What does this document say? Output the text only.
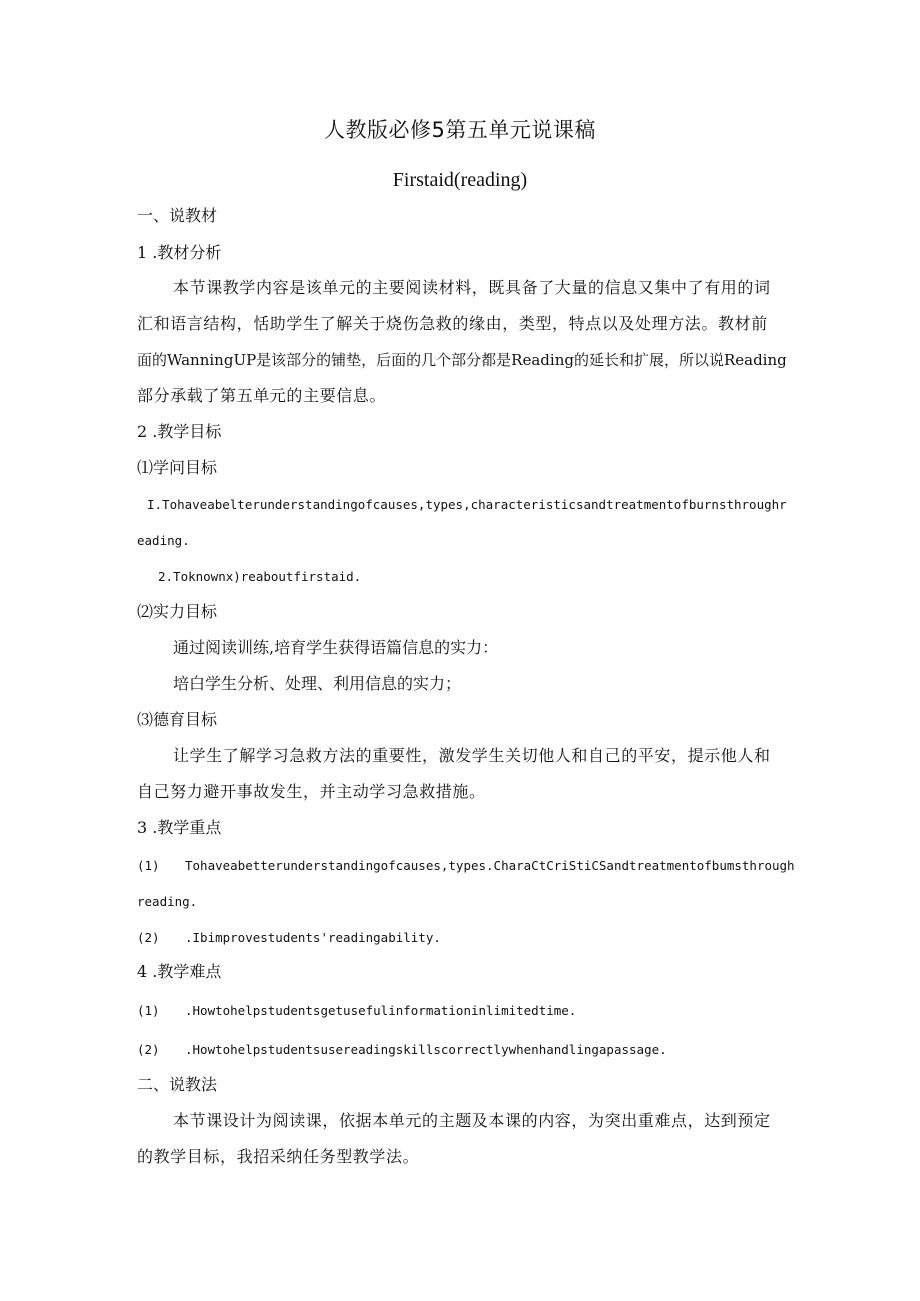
人教版必修5第五单元说课稿
Firstaid(reading)
一、说教材
1 .教材分析
本节课教学内容是该单元的主要阅读材料，既具备了大量的信息又集中了有用的词
汇和语言结构，恬助学生了解关于烧伤急救的缘由，类型，特点以及处理方法。教材前
面的WanningUP是该部分的铺垫，后面的几个部分都是Reading的延长和扩展，所以说Reading
部分承载了第五单元的主要信息。
2 .教学目标
⑴学问目标
I.Tohaveabelterunderstandingofcauses,types,characteristicsandtreatmentofburnsthroughr
eading.
2.Toknownx)reaboutfirstaid.
⑵实力目标
通过阅读训练,培育学生获得语篇信息的实力：
培白学生分析、处理、利用信息的实力；
⑶德育目标
让学生了解学习急救方法的重要性，激发学生关切他人和自己的平安，提示他人和
自己努力避开事故发生，并主动学习急救措施。
3 .教学重点
(1) Tohaveabetterunderstandingofcauses,types.CharaCtCriStiCSandtreatmentofbumsthrough
reading.
(2) .Ibimprovestudents'readingability.
4 .教学难点
(1) .Howtohelpstudentsgetusefulinformationinlimitedtime.
(2) .Howtohelpstudentsusereadingskillscorrectlywhenhandlingapassage.
二、说教法
本节课设计为阅读课，依据本单元的主题及本课的内容，为突出重难点，达到预定
的教学目标，我招采纳任务型教学法。
